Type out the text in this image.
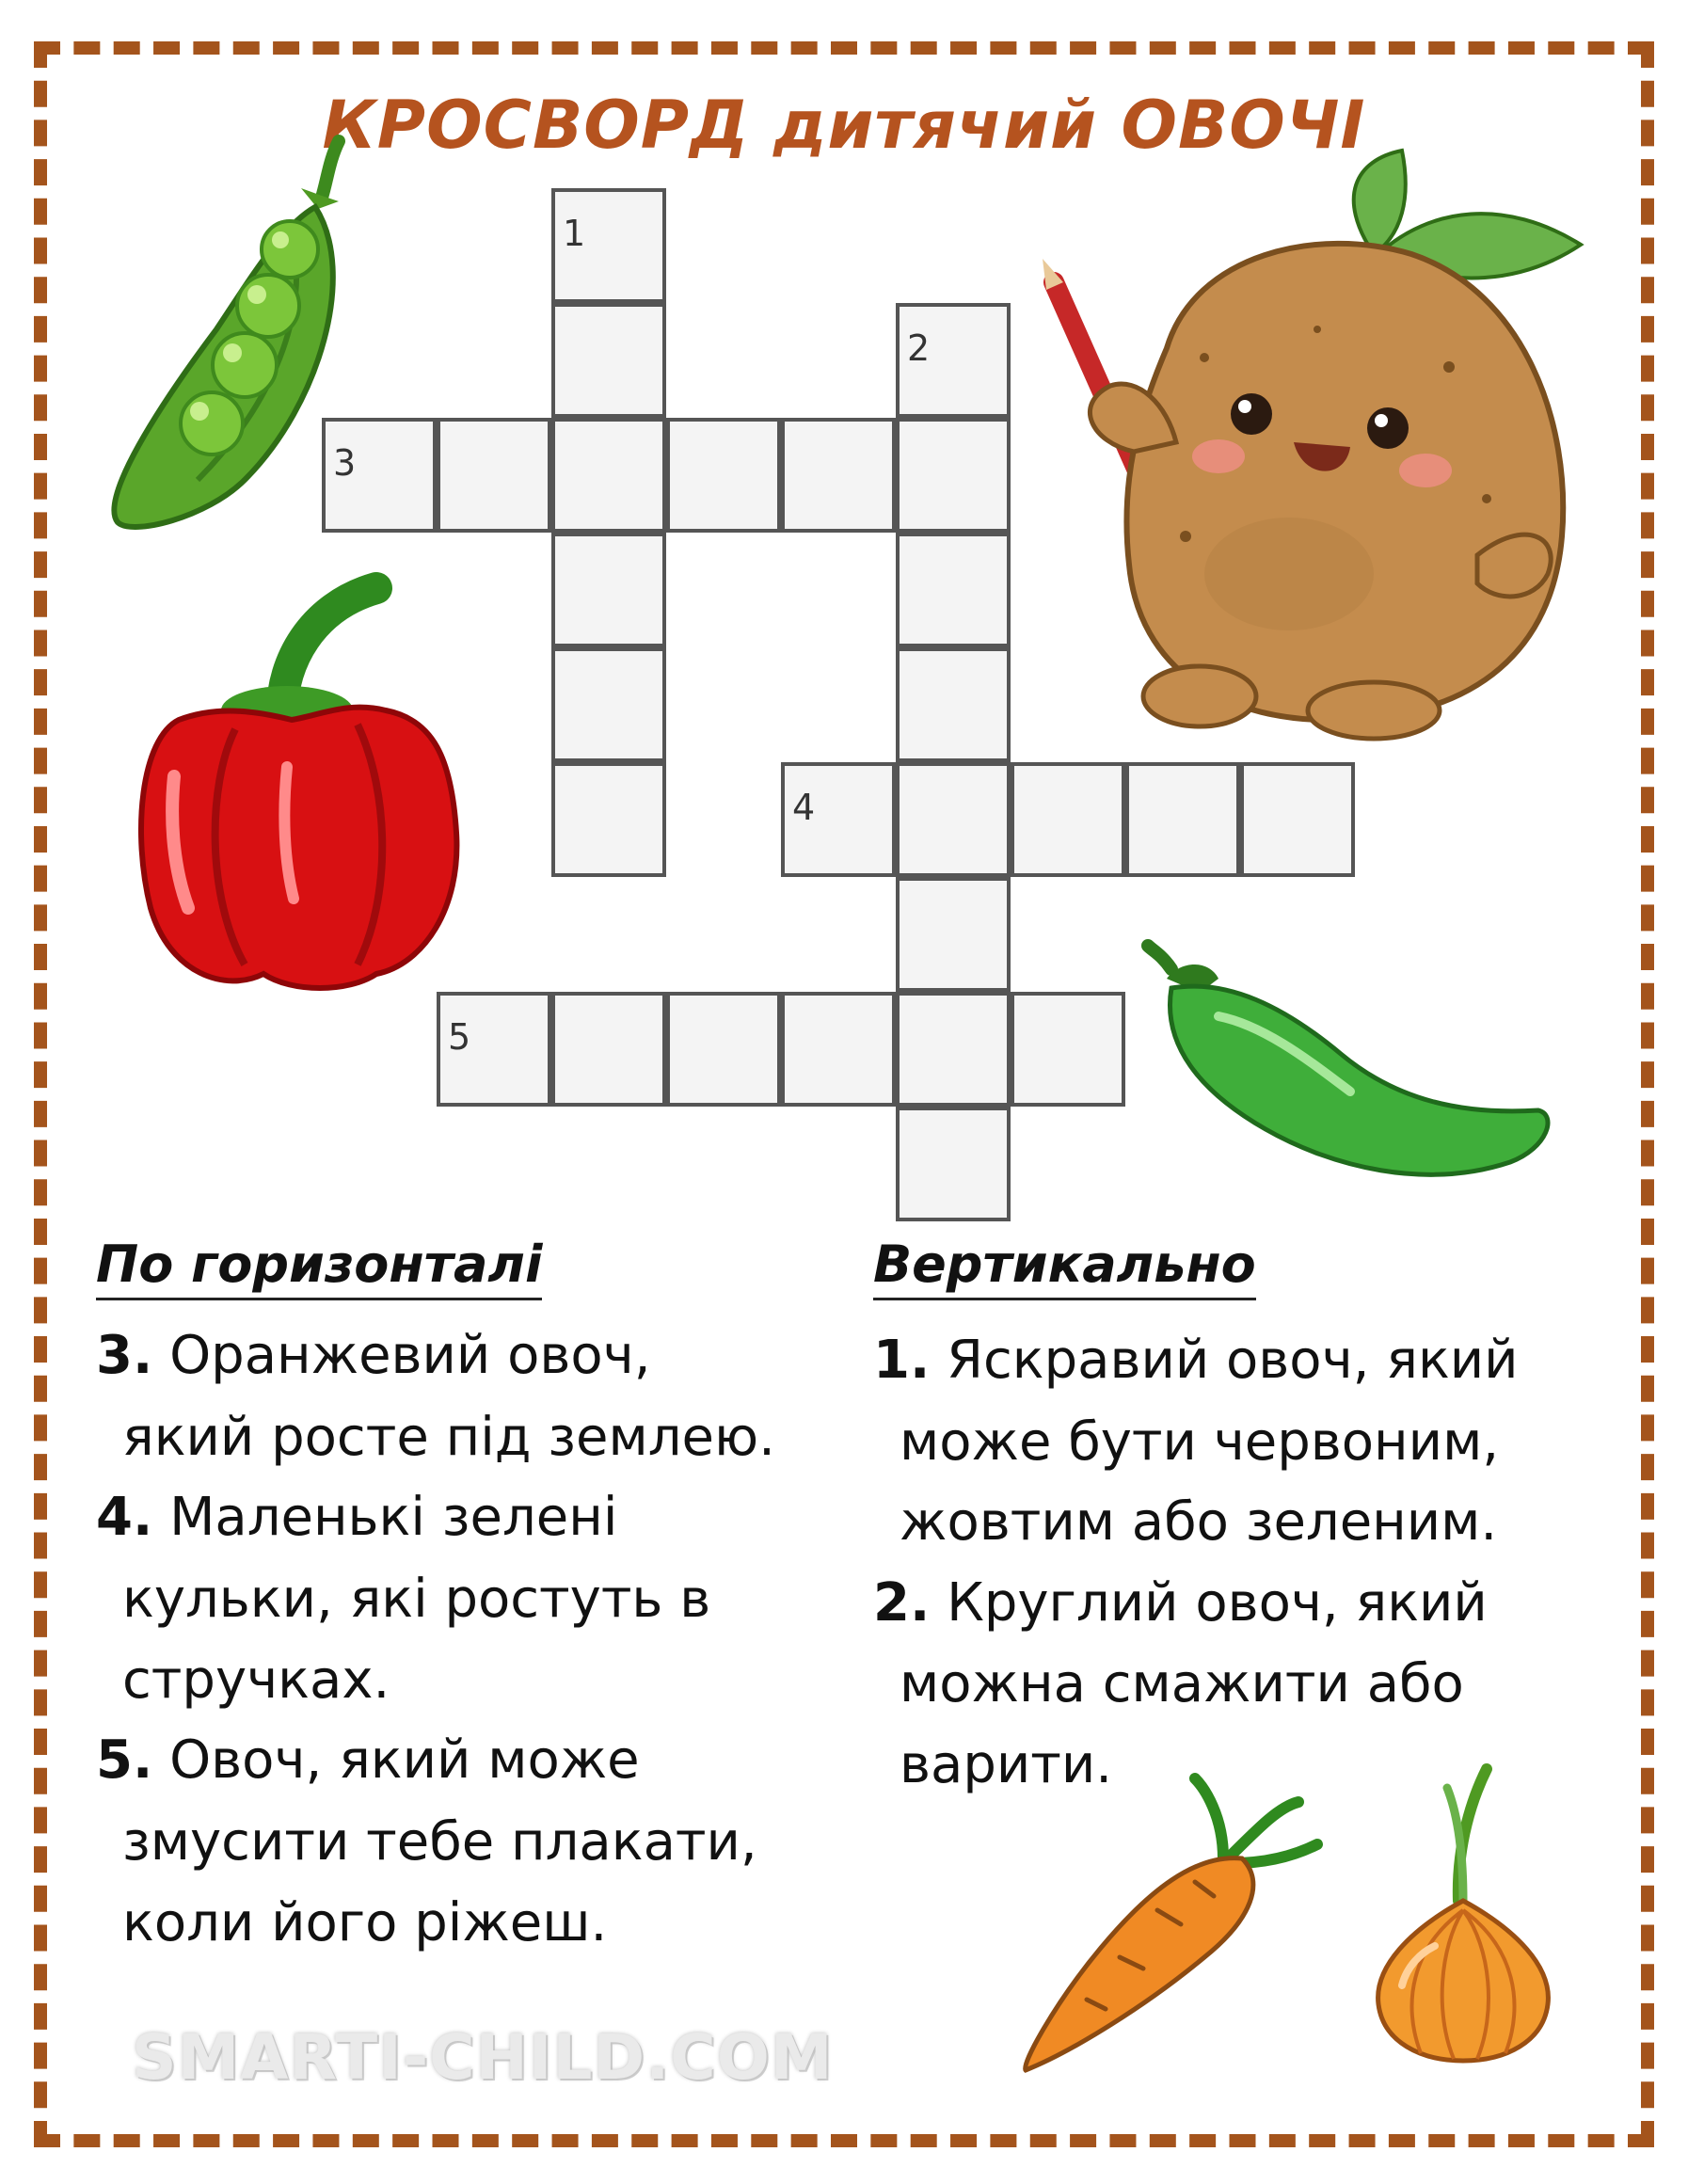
КРОСВОРД дитячий ОВОЧІ
1
3
2
4
5
По горизонталі
3. Оранжевий овоч,
який росте під землею.
4. Маленькі зелені
кульки, які ростуть в
стручках.
5. Овоч, який може
змусити тебе плакати,
коли його ріжеш.
Вертикально
1. Яскравий овоч, який
може бути червоним,
жовтим або зеленим.
2. Круглий овоч, який
можна смажити або
варити.
SMARTI-CHILD.COM
